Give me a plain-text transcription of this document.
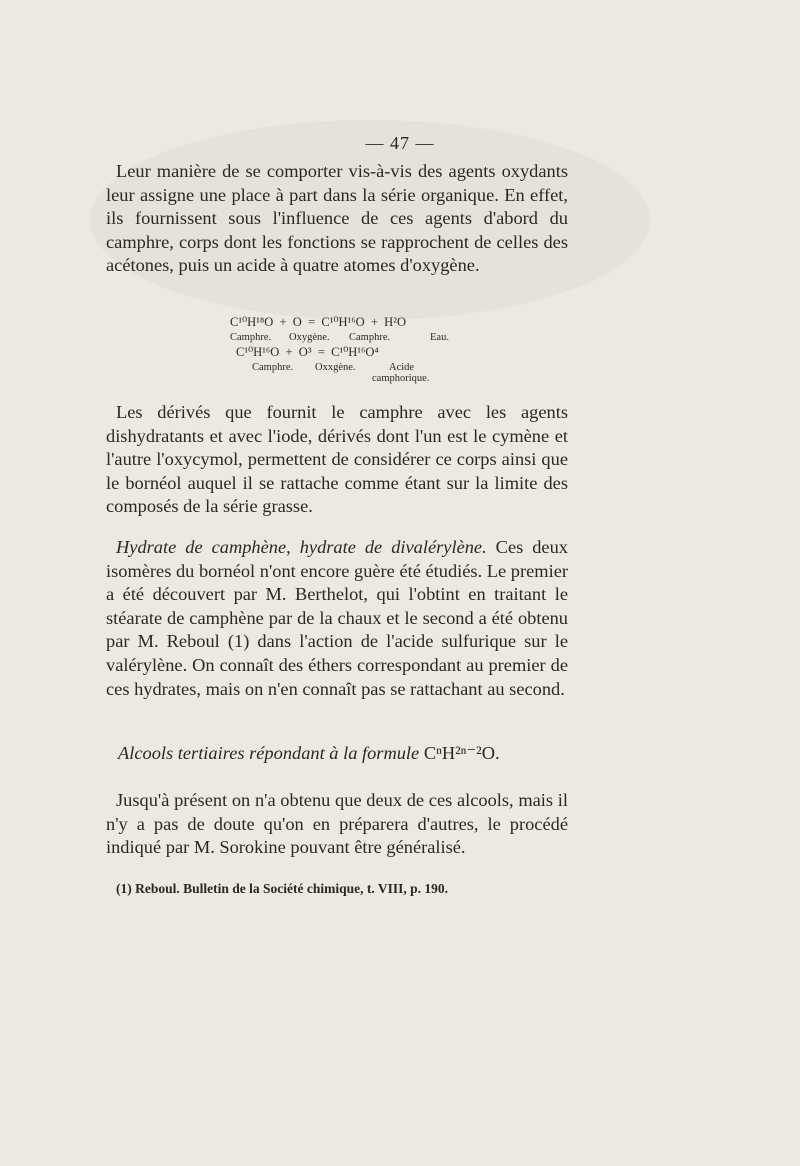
— 47 —

Leur manière de se comporter vis-à-vis des agents oxydants leur assigne une place à part dans la série organique. En effet, ils fournissent sous l'influence de ces agents d'abord du camphre, corps dont les fonctions se rapprochent de celles des acétones, puis un acide à quatre atomes d'oxygène.

C¹⁰H¹⁸O  +  O  =  C¹⁰H¹⁶O  +  H²O
Camphre. Oxygène. Camphre.	Eau.
C¹⁰H¹⁶O  +  O³  =  C¹⁰H¹⁶O⁴
Camphre. Oxxgène.	Acide
camphorique.

Les dérivés que fournit le camphre avec les agents dishydratants et avec l'iode, dérivés dont l'un est le cymène et l'autre l'oxycymol, permettent de considérer ce corps ainsi que le bornéol auquel il se rattache comme étant sur la limite des composés de la série grasse.

Hydrate de camphène, hydrate de divalérylène. Ces deux isomères du bornéol n'ont encore guère été étudiés. Le premier a été découvert par M. Berthelot, qui l'obtint en traitant le stéarate de camphène par de la chaux et le second a été obtenu par M. Reboul (1) dans l'action de l'acide sulfurique sur le valérylène. On connaît des éthers correspondant au premier de ces hydrates, mais on n'en connaît pas se rattachant au second.

Alcools tertiaires répondant à la formule CⁿH²ⁿ⁻²O.

Jusqu'à présent on n'a obtenu que deux de ces alcools, mais il n'y a pas de doute qu'on en préparera d'autres, le procédé indiqué par M. Sorokine pouvant être généralisé.

(1) Reboul. Bulletin de la Société chimique, t. VIII, p. 190.
